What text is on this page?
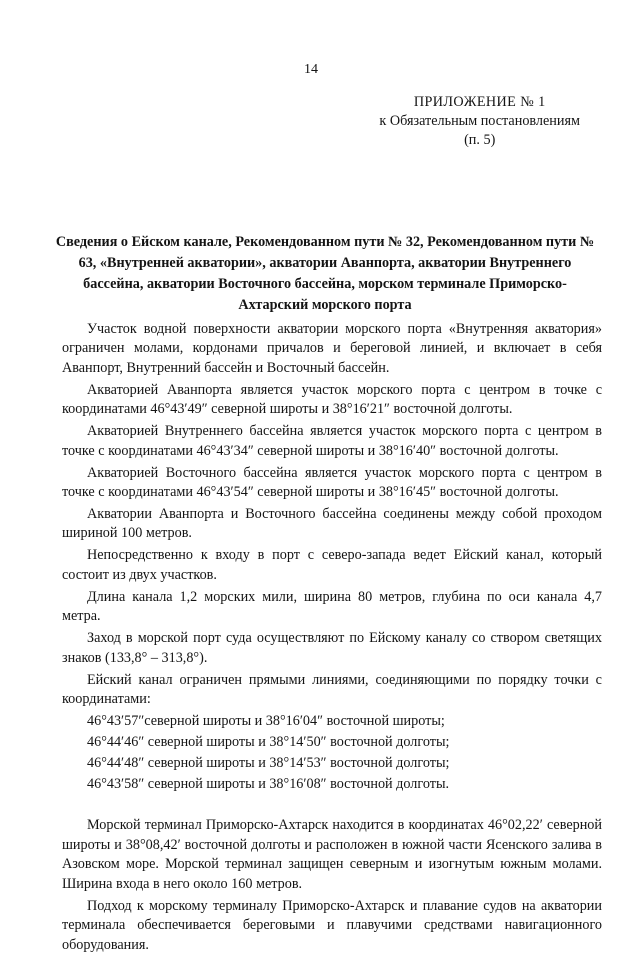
14
ПРИЛОЖЕНИЕ № 1
к Обязательным постановлениям
(п. 5)
Сведения о Ейском канале, Рекомендованном пути № 32, Рекомендованном пути № 63, «Внутренней акватории», акватории Аванпорта, акватории Внутреннего бассейна, акватории Восточного бассейна, морском терминале Приморско-Ахтарский морского порта

Участок водной поверхности акватории морского порта «Внутренняя акватория» ограничен молами, кордонами причалов и береговой линией, и включает в себя Аванпорт, Внутренний бассейн и Восточный бассейн.

Акваторией Аванпорта является участок морского порта с центром в точке с координатами 46°43′49″ северной широты и 38°16′21″ восточной долготы.

Акваторией Внутреннего бассейна является участок морского порта с центром в точке с координатами 46°43′34″ северной широты и 38°16′40″ восточной долготы.

Акваторией Восточного бассейна является участок морского порта с центром в точке с координатами 46°43′54″ северной широты и 38°16′45″ восточной долготы.

Акватории Аванпорта и Восточного бассейна соединены между собой проходом шириной 100 метров.

Непосредственно к входу в порт с северо-запада ведет Ейский канал, который состоит из двух участков.

Длина канала 1,2 морских мили, ширина 80 метров, глубина по оси канала 4,7 метра.

Заход в морской порт суда осуществляют по Ейскому каналу со створом светящих знаков (133,8° – 313,8°).

Ейский канал ограничен прямыми линиями, соединяющими по порядку точки с координатами:

46°43′57″северной широты и 38°16′04″ восточной широты;

46°44′46″ северной широты и 38°14′50″ восточной долготы;

46°44′48″ северной широты и 38°14′53″ восточной долготы;

46°43′58″ северной широты и 38°16′08″ восточной долготы.

Морской терминал Приморско-Ахтарск находится в координатах 46°02,22′ северной широты и 38°08,42′ восточной долготы и расположен в южной части Ясенского залива в Азовском море. Морской терминал защищен северным и изогнутым южным молами. Ширина входа в него около 160 метров.

Подход к морскому терминалу Приморско-Ахтарск и плавание судов на акватории терминала обеспечивается береговыми и плавучими средствами навигационного оборудования.
